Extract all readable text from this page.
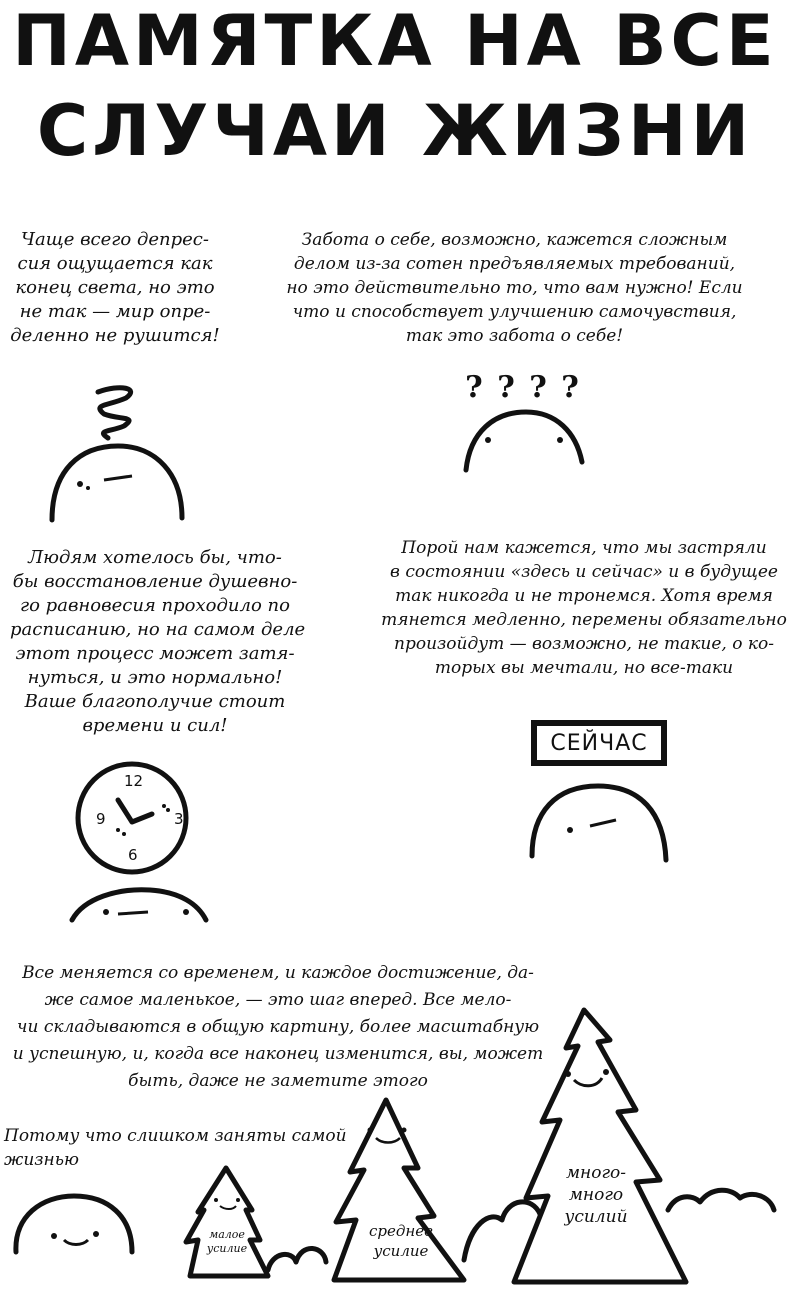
ПАМЯТКА НА ВСЕ
СЛУЧАИ ЖИЗНИ
Чаще всего депрес-
сия ощущается как
конец света, но это
не так — мир опре-
деленно не рушится!
Забота о себе, возможно, кажется сложным
делом из-за сотен предъявляемых требований,
но это действительно то, что вам нужно! Если
что и способствует улучшению самочувствия,
так это забота о себе!
Людям хотелось бы, что-
бы восстановление душевно-
го равновесия проходило по
расписанию, но на самом деле
этот процесс может затя-
нуться, и это нормально!
Ваше благополучие стоит
времени и сил!
Порой нам кажется, что мы застряли
в состоянии «здесь и сейчас» и в будущее
так никогда и не тронемся. Хотя время
тянется медленно, перемены обязательно
произойдут — возможно, не такие, о ко-
торых вы мечтали, но все-таки
Все меняется со временем, и каждое достижение, да-
же самое маленькое, — это шаг вперед. Все мело-
чи складываются в общую картину, более масштабную
и успешную, и, когда все наконец изменится, вы, может
быть, даже не заметите этого
Потому что слишком заняты самой
жизнью
СЕЙЧАС
? ? ? ?
12
3
6
9
малое
усилие
среднее
усилие
много-
много
усилий
